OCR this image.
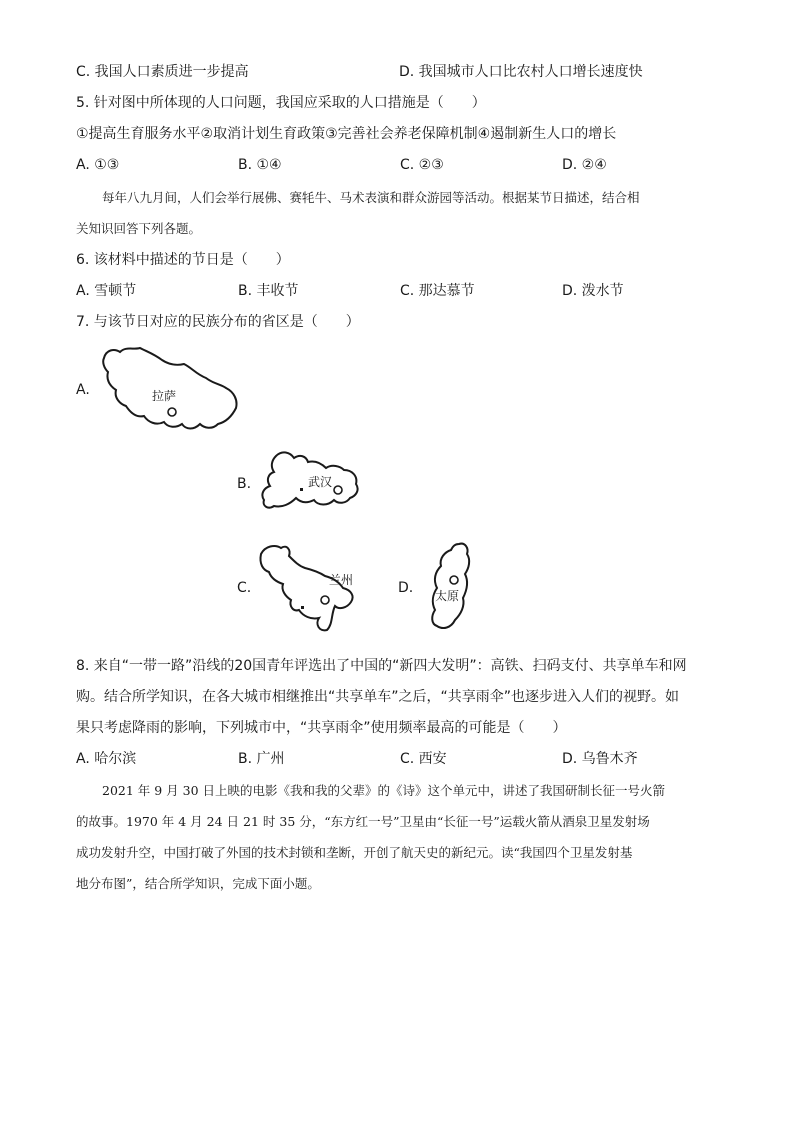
C. 我国人口素质进一步提高	D. 我国城市人口比农村人口增长速度快
5. 针对图中所体现的人口问题，我国应采取的人口措施是（　　）
①提高生育服务水平②取消计划生育政策③完善社会养老保障机制④遏制新生人口的增长
A. ①③	B. ①④	C. ②③	D. ②④
每年八九月间，人们会举行展佛、赛牦牛、马术表演和群众游园等活动。根据某节日描述，结合相
关知识回答下列各题。
6. 该材料中描述的节日是（　　）
A. 雪顿节	B. 丰收节	C. 那达慕节	D. 泼水节
7. 与该节日对应的民族分布的省区是（　　）
A.	拉萨
B.	武汉
C.	兰州	D. 太原
8. 来自“一带一路”沿线的20国青年评选出了中国的“新四大发明”：高铁、扫码支付、共享单车和网
购。结合所学知识，在各大城市相继推出“共享单车”之后，“共享雨伞”也逐步进入人们的视野。如
果只考虑降雨的影响，下列城市中，“共享雨伞”使用频率最高的可能是（　　）
A. 哈尔滨	B. 广州	C. 西安	D. 乌鲁木齐
2021 年 9 月 30 日上映的电影《我和我的父辈》的《诗》这个单元中，讲述了我国研制长征一号火箭
的故事。1970 年 4 月 24 日 21 时 35 分，“东方红一号”卫星由“长征一号”运载火箭从酒泉卫星发射场
成功发射升空，中国打破了外国的技术封锁和垄断，开创了航天史的新纪元。读“我国四个卫星发射基
地分布图”，结合所学知识，完成下面小题。
